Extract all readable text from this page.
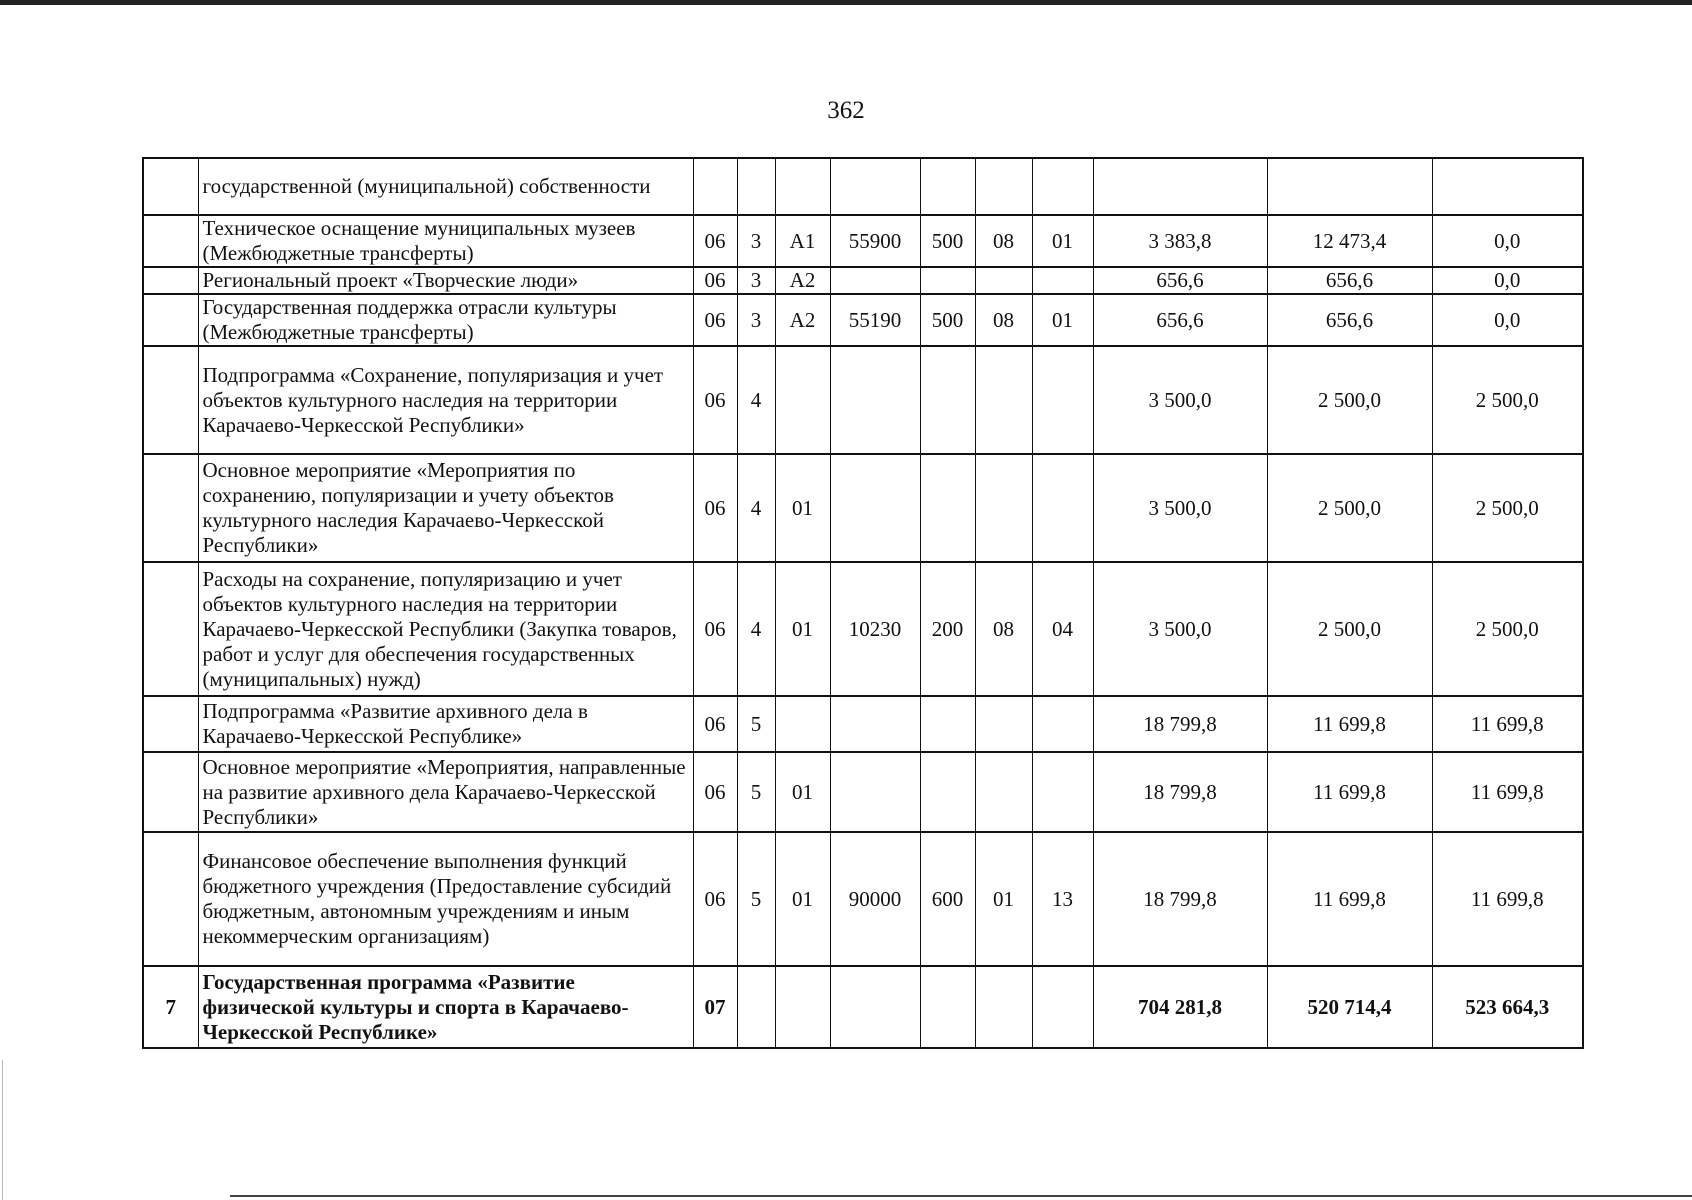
362
	государственной (муниципальной) собственности										
	Техническое оснащение муниципальных музеев (Межбюджетные трансферты)	06	3	А1	55900	500	08	01	3 383,8	12 473,4	0,0
	Региональный проект «Творческие люди»	06	3	А2					656,6	656,6	0,0
	Государственная поддержка отрасли культуры (Межбюджетные трансферты)	06	3	А2	55190	500	08	01	656,6	656,6	0,0
	Подпрограмма «Сохранение, популяризация и учет объектов культурного наследия на территории Карачаево-Черкесской Республики»	06	4						3 500,0	2 500,0	2 500,0
	Основное мероприятие «Мероприятия по сохранению, популяризации и учету объектов культурного наследия Карачаево-Черкесской Республики»	06	4	01					3 500,0	2 500,0	2 500,0
	Расходы на сохранение, популяризацию и учет объектов культурного наследия на территории Карачаево-Черкесской Республики (Закупка товаров, работ и услуг для обеспечения государственных (муниципальных) нужд)	06	4	01	10230	200	08	04	3 500,0	2 500,0	2 500,0
	Подпрограмма «Развитие архивного дела в Карачаево-Черкесской Республике»	06	5						18 799,8	11 699,8	11 699,8
	Основное мероприятие «Мероприятия, направленные на развитие архивного дела Карачаево-Черкесской Республики»	06	5	01					18 799,8	11 699,8	11 699,8
	Финансовое обеспечение выполнения функций бюджетного учреждения (Предоставление субсидий бюджетным, автономным учреждениям и иным некоммерческим организациям)	06	5	01	90000	600	01	13	18 799,8	11 699,8	11 699,8
7	Государственная программа «Развитие физической культуры и спорта в Карачаево-Черкесской Республике»	07							704 281,8	520 714,4	523 664,3
